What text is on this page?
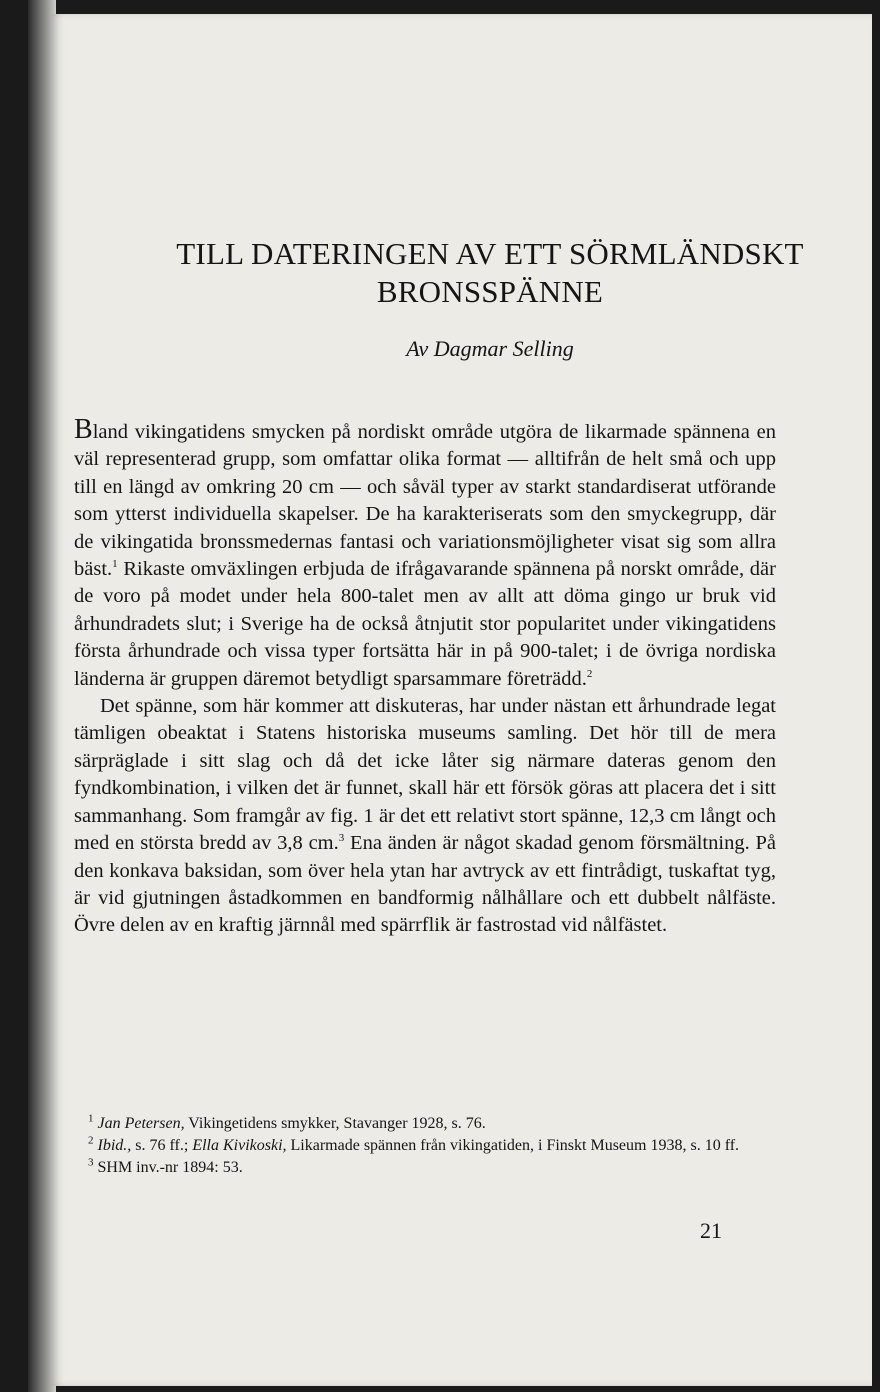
TILL DATERINGEN AV ETT SÖRMLÄNDSKT
BRONSSPÄNNE

Av Dagmar Selling

Bland vikingatidens smycken på nordiskt område utgöra de likarmade spännena en väl representerad grupp, som omfattar olika format — alltifrån de helt små och upp till en längd av omkring 20 cm — och såväl typer av starkt standardiserat utförande som ytterst individuella skapelser. De ha karakteriserats som den smyckegrupp, där de vikingatida bronssmedernas fantasi och variationsmöjligheter visat sig som allra bäst.$^1$ Rikaste omväxlingen erbjuda de ifrågavarande spännena på norskt område, där de voro på modet under hela 800-talet men av allt att döma gingo ur bruk vid århundradets slut; i Sverige ha de också åtnjutit stor popularitet under vikingatidens första århundrade och vissa typer fortsätta här in på 900-talet; i de övriga nordiska länderna är gruppen däremot betydligt sparsammare företrädd.$^2$

Det spänne, som här kommer att diskuteras, har under nästan ett århundrade legat tämligen obeaktat i Statens historiska museums samling. Det hör till de mera särpräglade i sitt slag och då det icke låter sig närmare dateras genom den fyndkombination, i vilken det är funnet, skall här ett försök göras att placera det i sitt sammanhang. Som framgår av fig. 1 är det ett relativt stort spänne, 12,3 cm långt och med en största bredd av 3,8 cm.$^3$ Ena änden är något skadad genom försmältning. På den konkava baksidan, som över hela ytan har avtryck av ett fintrådigt, tuskaftat tyg, är vid gjutningen åstadkommen en bandformig nålhållare och ett dubbelt nålfäste. Övre delen av en kraftig järnnål med spärrflik är fastrostad vid nålfästet.

$^1$ Jan Petersen, Vikingetidens smykker, Stavanger 1928, s. 76.

$^2$ Ibid., s. 76 ff.; Ella Kivikoski, Likarmade spännen från vikingatiden, i Finskt Museum 1938, s. 10 ff.

$^3$ SHM inv.-nr 1894: 53.

21
